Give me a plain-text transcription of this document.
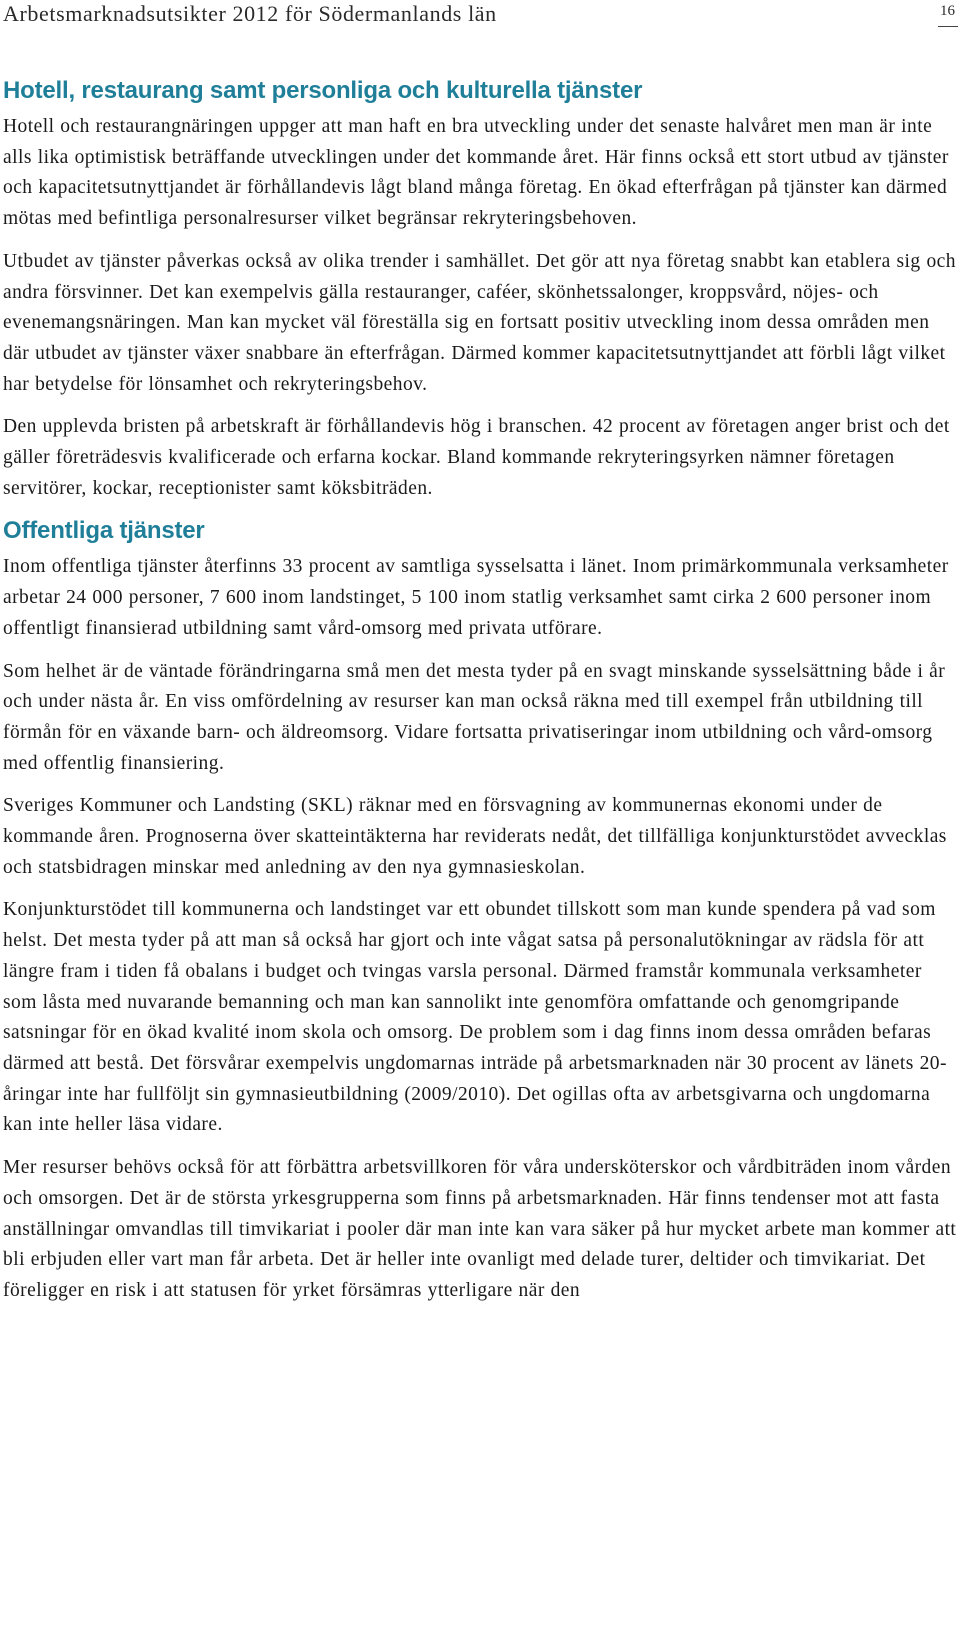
Arbetsmarknadsutsikter 2012 för Södermanlands län	16
Hotell, restaurang samt personliga och kulturella tjänster

Hotell och restaurangnäringen uppger att man haft en bra utveckling under det senaste halvåret men man är inte alls lika optimistisk beträffande utvecklingen under det kommande året. Här finns också ett stort utbud av tjänster och kapacitetsutnyttjandet är förhållandevis lågt bland många företag. En ökad efterfrågan på tjänster kan därmed mötas med befintliga personalresurser vilket begränsar rekryteringsbehoven.

Utbudet av tjänster påverkas också av olika trender i samhället. Det gör att nya företag snabbt kan etablera sig och andra försvinner. Det kan exempelvis gälla restauranger, caféer, skönhetssalonger, kroppsvård, nöjes- och evenemangsnäringen. Man kan mycket väl föreställa sig en fortsatt positiv utveckling inom dessa områden men där utbudet av tjänster växer snabbare än efterfrågan. Därmed kommer kapacitetsutnyttjandet att förbli lågt vilket har betydelse för lönsamhet och rekryteringsbehov.

Den upplevda bristen på arbetskraft är förhållandevis hög i branschen. 42 procent av företagen anger brist och det gäller företrädesvis kvalificerade och erfarna kockar. Bland kommande rekryteringsyrken nämner företagen servitörer, kockar, receptionister samt köksbiträden.

Offentliga tjänster

Inom offentliga tjänster återfinns 33 procent av samtliga sysselsatta i länet. Inom primärkommunala verksamheter arbetar 24 000 personer, 7 600 inom landstinget, 5 100 inom statlig verksamhet samt cirka 2 600 personer inom offentligt finansierad utbildning samt vård-omsorg med privata utförare.

Som helhet är de väntade förändringarna små men det mesta tyder på en svagt minskande sysselsättning både i år och under nästa år. En viss omfördelning av resurser kan man också räkna med till exempel från utbildning till förmån för en växande barn- och äldreomsorg. Vidare fortsatta privatiseringar inom utbildning och vård-omsorg med offentlig finansiering.

Sveriges Kommuner och Landsting (SKL) räknar med en försvagning av kommunernas ekonomi under de kommande åren. Prognoserna över skatteintäkterna har reviderats nedåt, det tillfälliga konjunkturstödet avvecklas och statsbidragen minskar med anledning av den nya gymnasieskolan.

Konjunkturstödet till kommunerna och landstinget var ett obundet tillskott som man kunde spendera på vad som helst. Det mesta tyder på att man så också har gjort och inte vågat satsa på personalutökningar av rädsla för att längre fram i tiden få obalans i budget och tvingas varsla personal. Därmed framstår kommunala verksamheter som låsta med nuvarande bemanning och man kan sannolikt inte genomföra omfattande och genomgripande satsningar för en ökad kvalité inom skola och omsorg. De problem som i dag finns inom dessa områden befaras därmed att bestå. Det försvårar exempelvis ungdomarnas inträde på arbetsmarknaden när 30 procent av länets 20-åringar inte har fullföljt sin gymnasieutbildning (2009/2010). Det ogillas ofta av arbetsgivarna och ungdomarna kan inte heller läsa vidare.

Mer resurser behövs också för att förbättra arbetsvillkoren för våra undersköterskor och vårdbiträden inom vården och omsorgen. Det är de största yrkesgrupperna som finns på arbetsmarknaden. Här finns tendenser mot att fasta anställningar omvandlas till timvikariat i pooler där man inte kan vara säker på hur mycket arbete man kommer att bli erbjuden eller vart man får arbeta. Det är heller inte ovanligt med delade turer, deltider och timvikariat. Det föreligger en risk i att statusen för yrket försämras ytterligare när den
